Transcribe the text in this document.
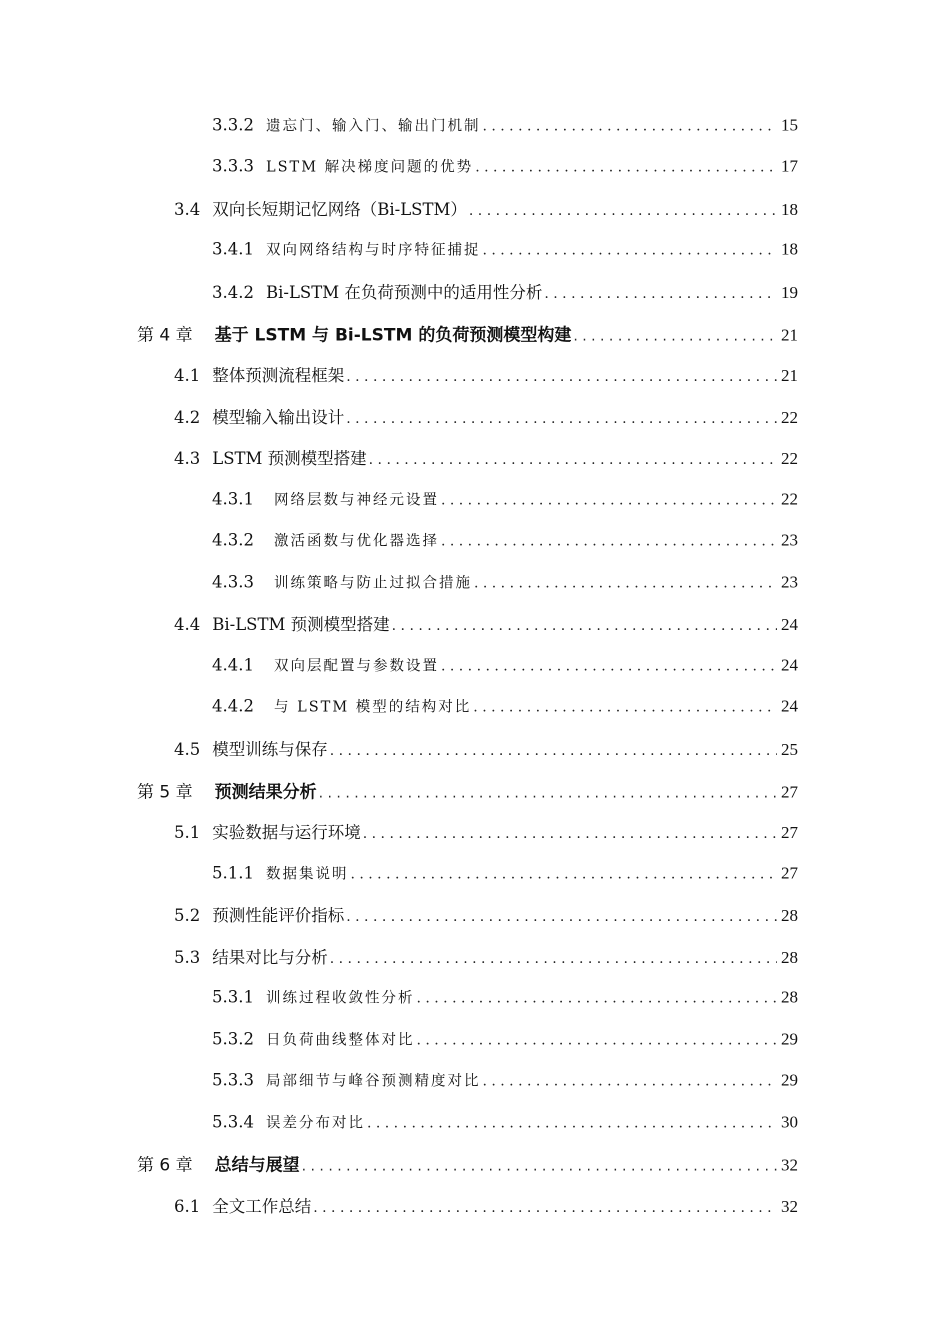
3.3.2 遗忘门、输入门、输出门机制 . . .	15
3.3.3 LSTM 解决梯度问题的优势 . . .	17
3.4 双向长短期记忆网络（Bi-LSTM） . . .	18
3.4.1 双向网络结构与时序特征捕捉 . . .	18
3.4.2 Bi-LSTM 在负荷预测中的适用性分析 . . .	19
第 4 章 基于 LSTM 与 Bi-LSTM 的负荷预测模型构建 . . .	21
4.1 整体预测流程框架 . . .	21
4.2 模型输入输出设计 . . .	22
4.3 LSTM 预测模型搭建 . . .	22
4.3.1 网络层数与神经元设置 . . .	22
4.3.2 激活函数与优化器选择 . . .	23
4.3.3 训练策略与防止过拟合措施 . . .	23
4.4 Bi-LSTM 预测模型搭建 . . .	24
4.4.1 双向层配置与参数设置 . . .	24
4.4.2 与 LSTM 模型的结构对比 . . .	24
4.5 模型训练与保存 . . .	25
第 5 章 预测结果分析 . . .	27
5.1 实验数据与运行环境 . . .	27
5.1.1 数据集说明 . . .	27
5.2 预测性能评价指标 . . .	28
5.3 结果对比与分析 . . .	28
5.3.1 训练过程收敛性分析 . . .	28
5.3.2 日负荷曲线整体对比 . . .	29
5.3.3 局部细节与峰谷预测精度对比 . . .	29
5.3.4 误差分布对比 . . .	30
第 6 章 总结与展望 . . .	32
6.1 全文工作总结 . . .	32
